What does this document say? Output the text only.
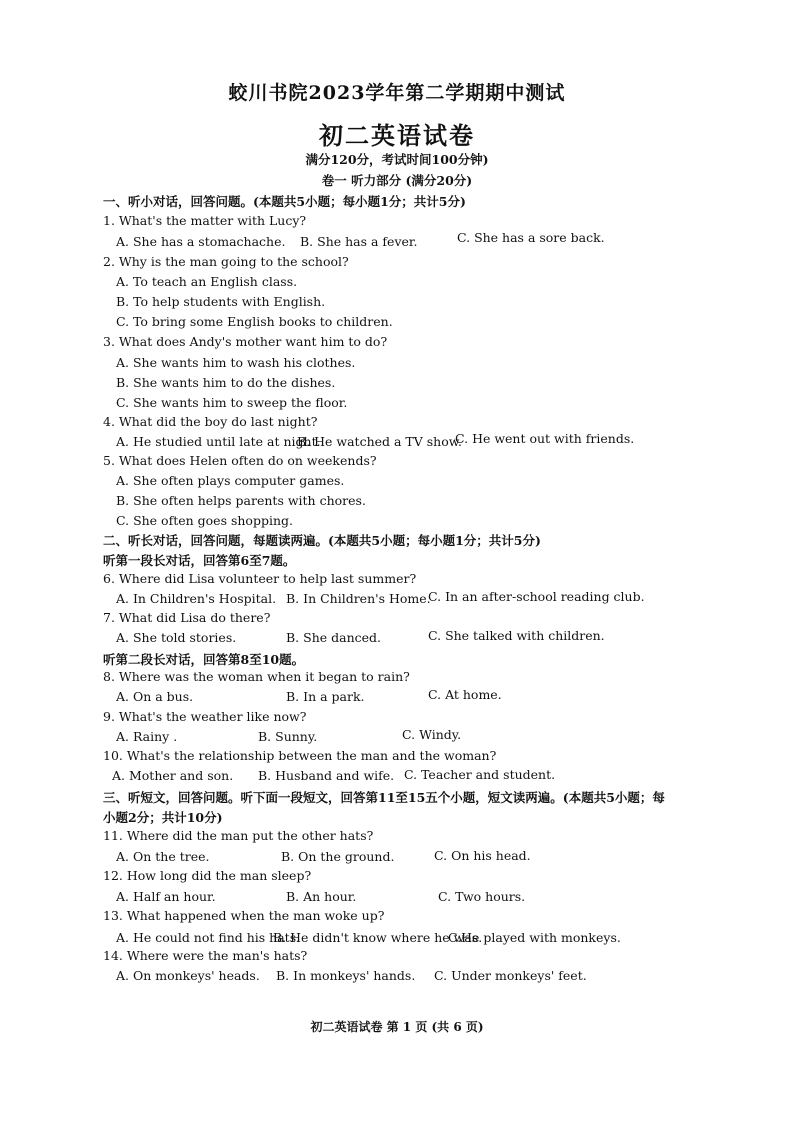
蛟川书院2023学年第二学期期中测试
初二英语试卷
满分120分，考试时间100分钟)
卷一 听力部分 (满分20分)
一、听小对话，回答问题。(本题共5小题；每小题1分；共计5分)
1. What's the matter with Lucy?
A. She has a stomachache. B. She has a fever.	C. She has a sore back.
2. Why is the man going to the school?
A. To teach an English class.
B. To help students with English.
C. To bring some English books to children.
3. What does Andy's mother want him to do?
A. She wants him to wash his clothes.
B. She wants him to do the dishes.
C. She wants him to sweep the floor.
4. What did the boy do last night?
A. He studied until late at night.
B. He watched a TV show.
C. He went out with friends.
5. What does Helen often do on weekends?
A. She often plays computer games.
B. She often helps parents with chores.
C. She often goes shopping.
二、听长对话，回答问题，每题读两遍。(本题共5小题；每小题1分；共计5分)
听第一段长对话，回答第6至7题。
6. Where did Lisa volunteer to help last summer?
A. In Children's Hospital. B. In Children's Home.
C. In an after-school reading club.
7. What did Lisa do there?
A. She told stories.	B. She danced.	C. She talked with children.
听第二段长对话，回答第8至10题。
8. Where was the woman when it began to rain?
A. On a bus.	B. In a park.	C. At home.
9. What's the weather like now?
A. Rainy .	B. Sunny.	C. Windy.
10. What's the relationship between the man and the woman?
A. Mother and son. B. Husband and wife. C. Teacher and student.
三、听短文，回答问题。听下面一段短文，回答第11至15五个小题，短文读两遍。(本题共5小题；每
小题2分；共计10分)
11. Where did the man put the other hats?
A. On the tree.	B. On the ground.	C. On his head.
12. How long did the man sleep?
A. Half an hour.	B. An hour.	C. Two hours.
13. What happened when the man woke up?
A. He could not find his hats.
B. He didn't know where he was.
C.He played with monkeys.
14. Where were the man's hats?
A. On monkeys' heads. B. In monkeys' hands. C. Under monkeys' feet.
初二英语试卷 第 1 页 (共 6 页)
